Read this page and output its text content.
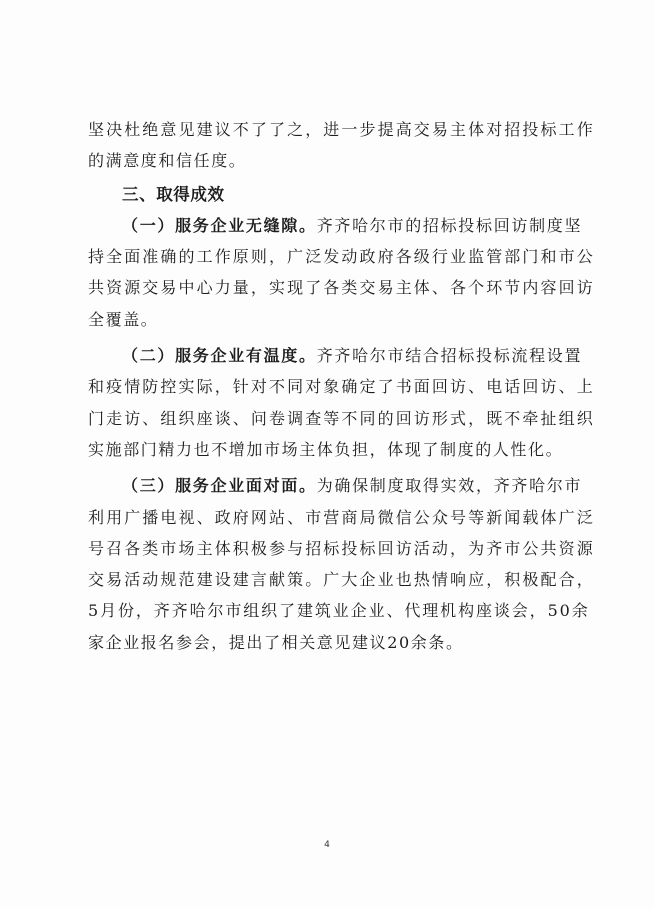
坚决杜绝意见建议不了了之，进一步提高交易主体对招投标工作
的满意度和信任度。
三、取得成效
（一）服务企业无缝隙。齐齐哈尔市的招标投标回访制度坚
持全面准确的工作原则，广泛发动政府各级行业监管部门和市公
共资源交易中心力量，实现了各类交易主体、各个环节内容回访
全覆盖。
（二）服务企业有温度。齐齐哈尔市结合招标投标流程设置
和疫情防控实际，针对不同对象确定了书面回访、电话回访、上
门走访、组织座谈、问卷调查等不同的回访形式，既不牵扯组织
实施部门精力也不增加市场主体负担，体现了制度的人性化。
（三）服务企业面对面。为确保制度取得实效，齐齐哈尔市
利用广播电视、政府网站、市营商局微信公众号等新闻载体广泛
号召各类市场主体积极参与招标投标回访活动，为齐市公共资源
交易活动规范建设建言献策。广大企业也热情响应，积极配合，
5月份，齐齐哈尔市组织了建筑业企业、代理机构座谈会，50余
家企业报名参会，提出了相关意见建议20余条。
4
